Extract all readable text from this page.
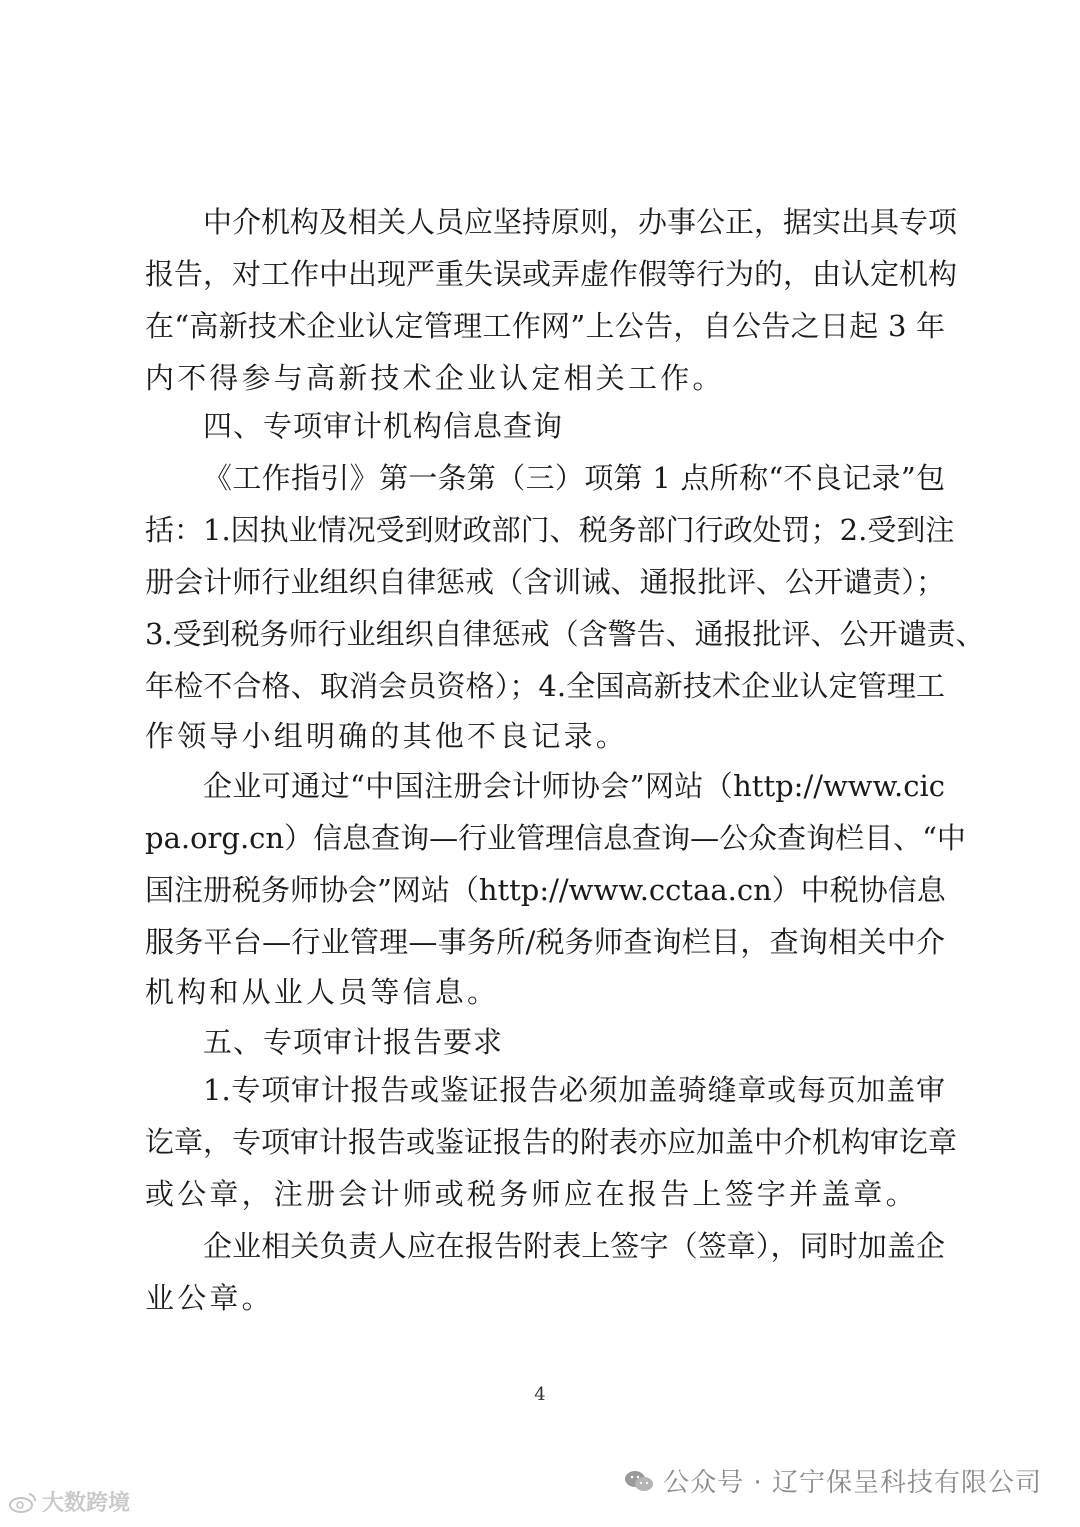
中介机构及相关人员应坚持原则，办事公正，据实出具专项
报告，对工作中出现严重失误或弄虚作假等行为的，由认定机构
在“高新技术企业认定管理工作网”上公告，自公告之日起 3 年
内不得参与高新技术企业认定相关工作。
四、专项审计机构信息查询
《工作指引》第一条第（三）项第 1 点所称“不良记录”包
括：1.因执业情况受到财政部门、税务部门行政处罚；2.受到注
册会计师行业组织自律惩戒（含训诫、通报批评、公开谴责）；
3.受到税务师行业组织自律惩戒（含警告、通报批评、公开谴责、
年检不合格、取消会员资格）；4.全国高新技术企业认定管理工
作领导小组明确的其他不良记录。
企业可通过“中国注册会计师协会”网站（http://www.cic
pa.org.cn）信息查询—行业管理信息查询—公众查询栏目、“中
国注册税务师协会”网站（http://www.cctaa.cn）中税协信息
服务平台—行业管理—事务所/税务师查询栏目，查询相关中介
机构和从业人员等信息。
五、专项审计报告要求
1.专项审计报告或鉴证报告必须加盖骑缝章或每页加盖审
讫章，专项审计报告或鉴证报告的附表亦应加盖中介机构审讫章
或公章，注册会计师或税务师应在报告上签字并盖章。
企业相关负责人应在报告附表上签字（签章），同时加盖企
业公章。
4
公众号 · 辽宁保呈科技有限公司
大数跨境
